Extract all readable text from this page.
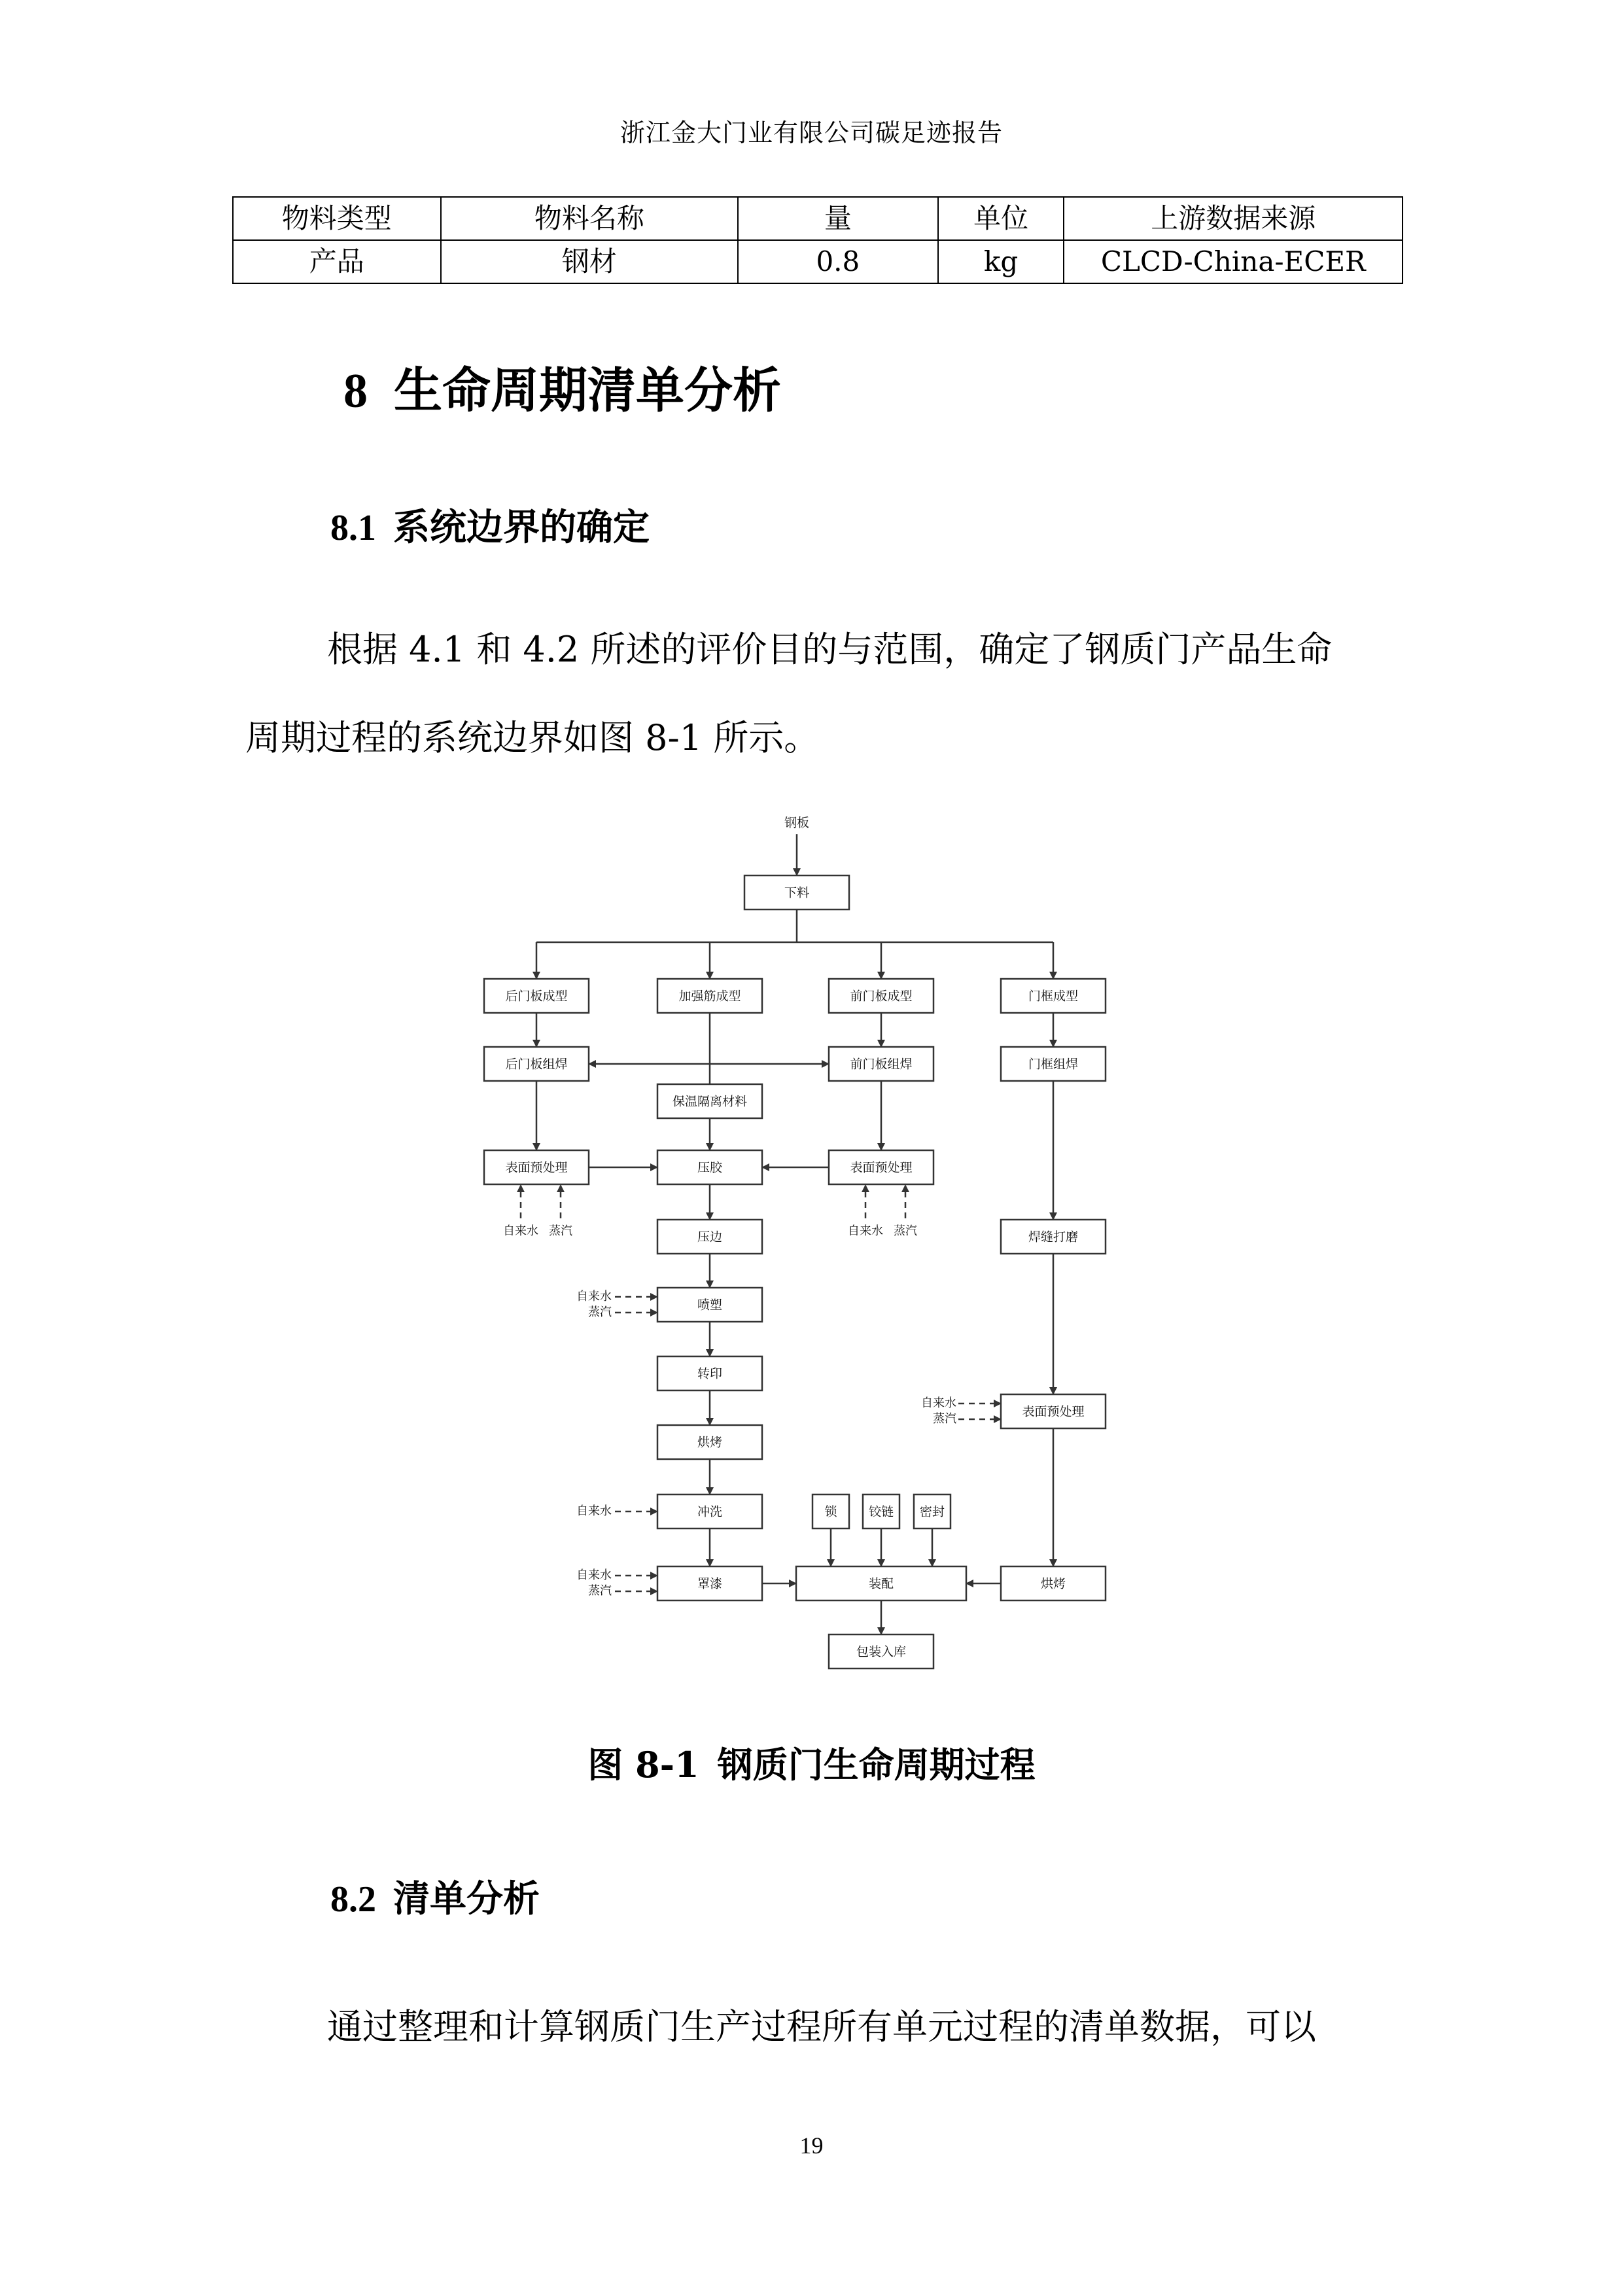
浙江金大门业有限公司碳足迹报告
物料类型	物料名称	量	单位	上游数据来源
产品	钢材	0.8	kg	CLCD-China-ECER
8 生命周期清单分析
8.1 系统边界的确定
根据 4.1 和 4.2 所述的评价目的与范围，确定了钢质门产品生命
周期过程的系统边界如图 8-1 所示。
钢板
下料
后门板成型	加强筋成型	前门板成型	门框成型
后门板组焊	前门板组焊	门框组焊
保温隔离材料
表面预处理	压胶	表面预处理
压边	焊缝打磨
喷塑
转印
烘烤
表面预处理
冲洗	锁	铰链 密封
罩漆	装配	烘烤
包装入库
自来水 蒸汽	自来水 蒸汽
自来水
蒸汽
自来水
自来水
蒸汽
自来水
蒸汽
图 8-1 钢质门生命周期过程
8.2 清单分析
通过整理和计算钢质门生产过程所有单元过程的清单数据，可以
19
